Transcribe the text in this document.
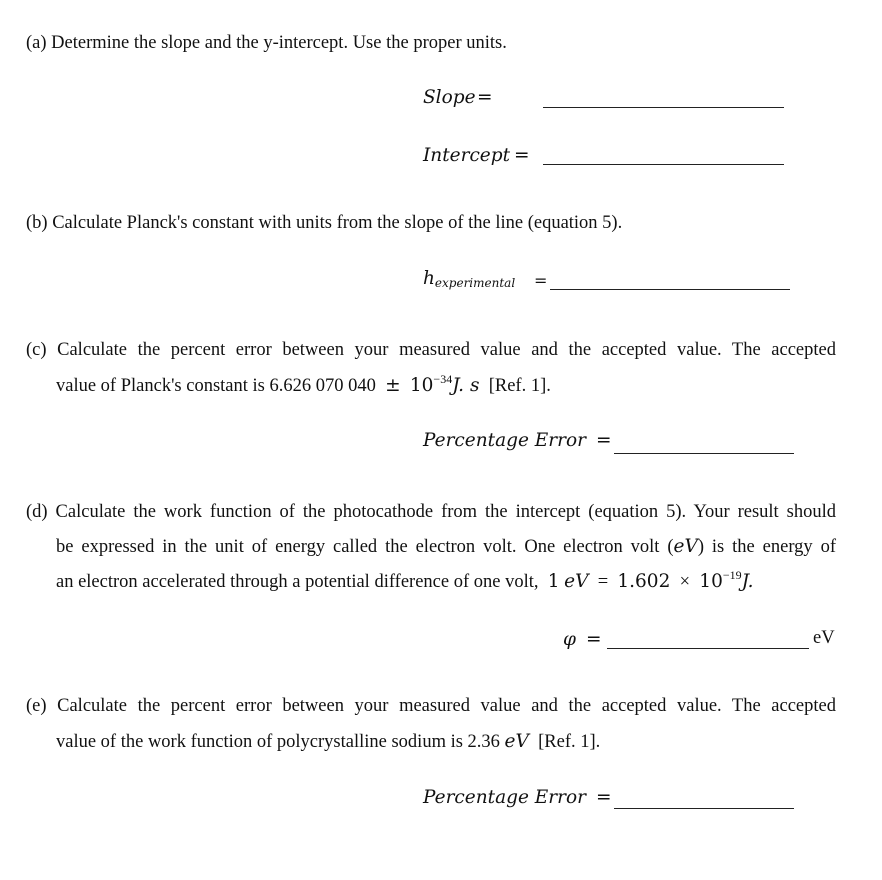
(a) Determine the slope and the y-intercept. Use the proper units.
Slope =
Intercept =
(b) Calculate Planck's constant with units from the slope of the line (equation 5).
$h_{experimental}$ =
(c) Calculate the percent error between your measured value and the accepted value. The accepted
value of Planck's constant is 6.626 070 $040 \pm 10^{-34}J$. s [Ref. 1].
Percentage Error =
(d) Calculate the work function of the photocathode from the intercept (equation 5). Your result should
be expressed in the unit of energy called the electron volt. One electron volt (eV) is the energy of
an electron accelerated through a potential difference of one volt, 1 eV = $1.602 \times 10^{-19}J$.
φ =	eV
(e) Calculate the percent error between your measured value and the accepted value. The accepted
value of the work function of polycrystalline sodium is 2.36 eV [Ref. 1].
Percentage Error =
